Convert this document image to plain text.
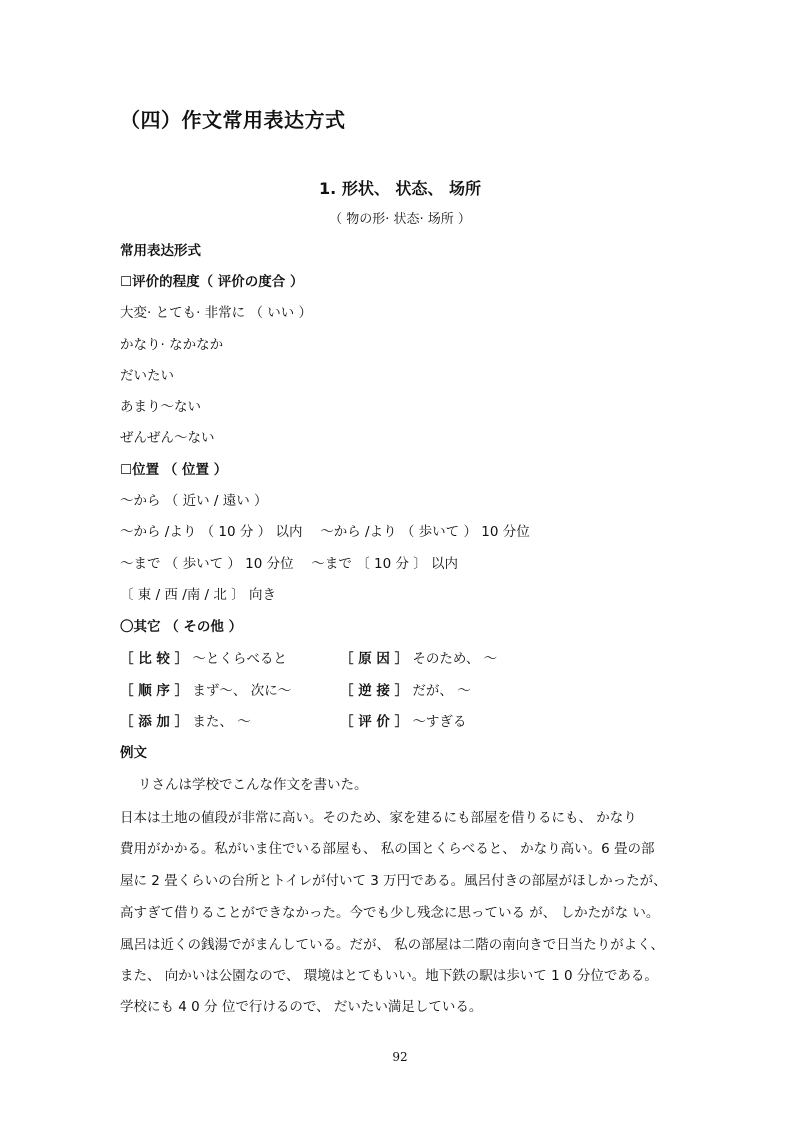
（四）作文常用表达方式
1. 形状、 状态、 场所
（ 物の形· 状态· 场所 ）
常用表达形式
☐评价的程度（ 评价の度合 ）
大変· とても· 非常に （ いい ）
かなり· なかなか
だいたい
あまり～ない
ぜんぜん～ない
☐位置 （ 位置 ）
～から （ 近い / 遠い ）
～から /より （ 10 分 ） 以内　 ～から /より （ 歩いて ） 10 分位
～まで （ 歩いて ） 10 分位　 ～まで 〔 10 分 〕 以内
〔 東 / 西 /南 / 北 〕 向き
〇其它 （ その他 ）
［ 比 较 ］ ～とくらべると	［ 原 因 ］ そのため、 ～
［ 顺 序 ］ まず～、 次に～	［ 逆 接 ］ だが、 ～
［ 添 加 ］ また、 ～	［ 评 价 ］ ～すぎる
例文
リさんは学校でこんな作文を書いた。
日本は土地の値段が非常に高い。そのため、家を建るにも部屋を借りるにも、 かなり
費用がかかる。私がいま住でいる部屋も、 私の国とくらべると、 かなり高い。6 畳の部
屋に 2 畳くらいの台所とトイレが付いて 3 万円である。風呂付きの部屋がほしかったが、
高すぎて借りることができなかった。今でも少し残念に思っている が、 しかたがな い。
風呂は近くの銭湯でがまんしている。だが、 私の部屋は二階の南向きで日当たりがよく、
また、 向かいは公園なので、 環境はとてもいい。地下鉄の駅は歩いて 1 0 分位である。
学校にも 4 0 分 位で行けるので、 だいたい満足している。
92
